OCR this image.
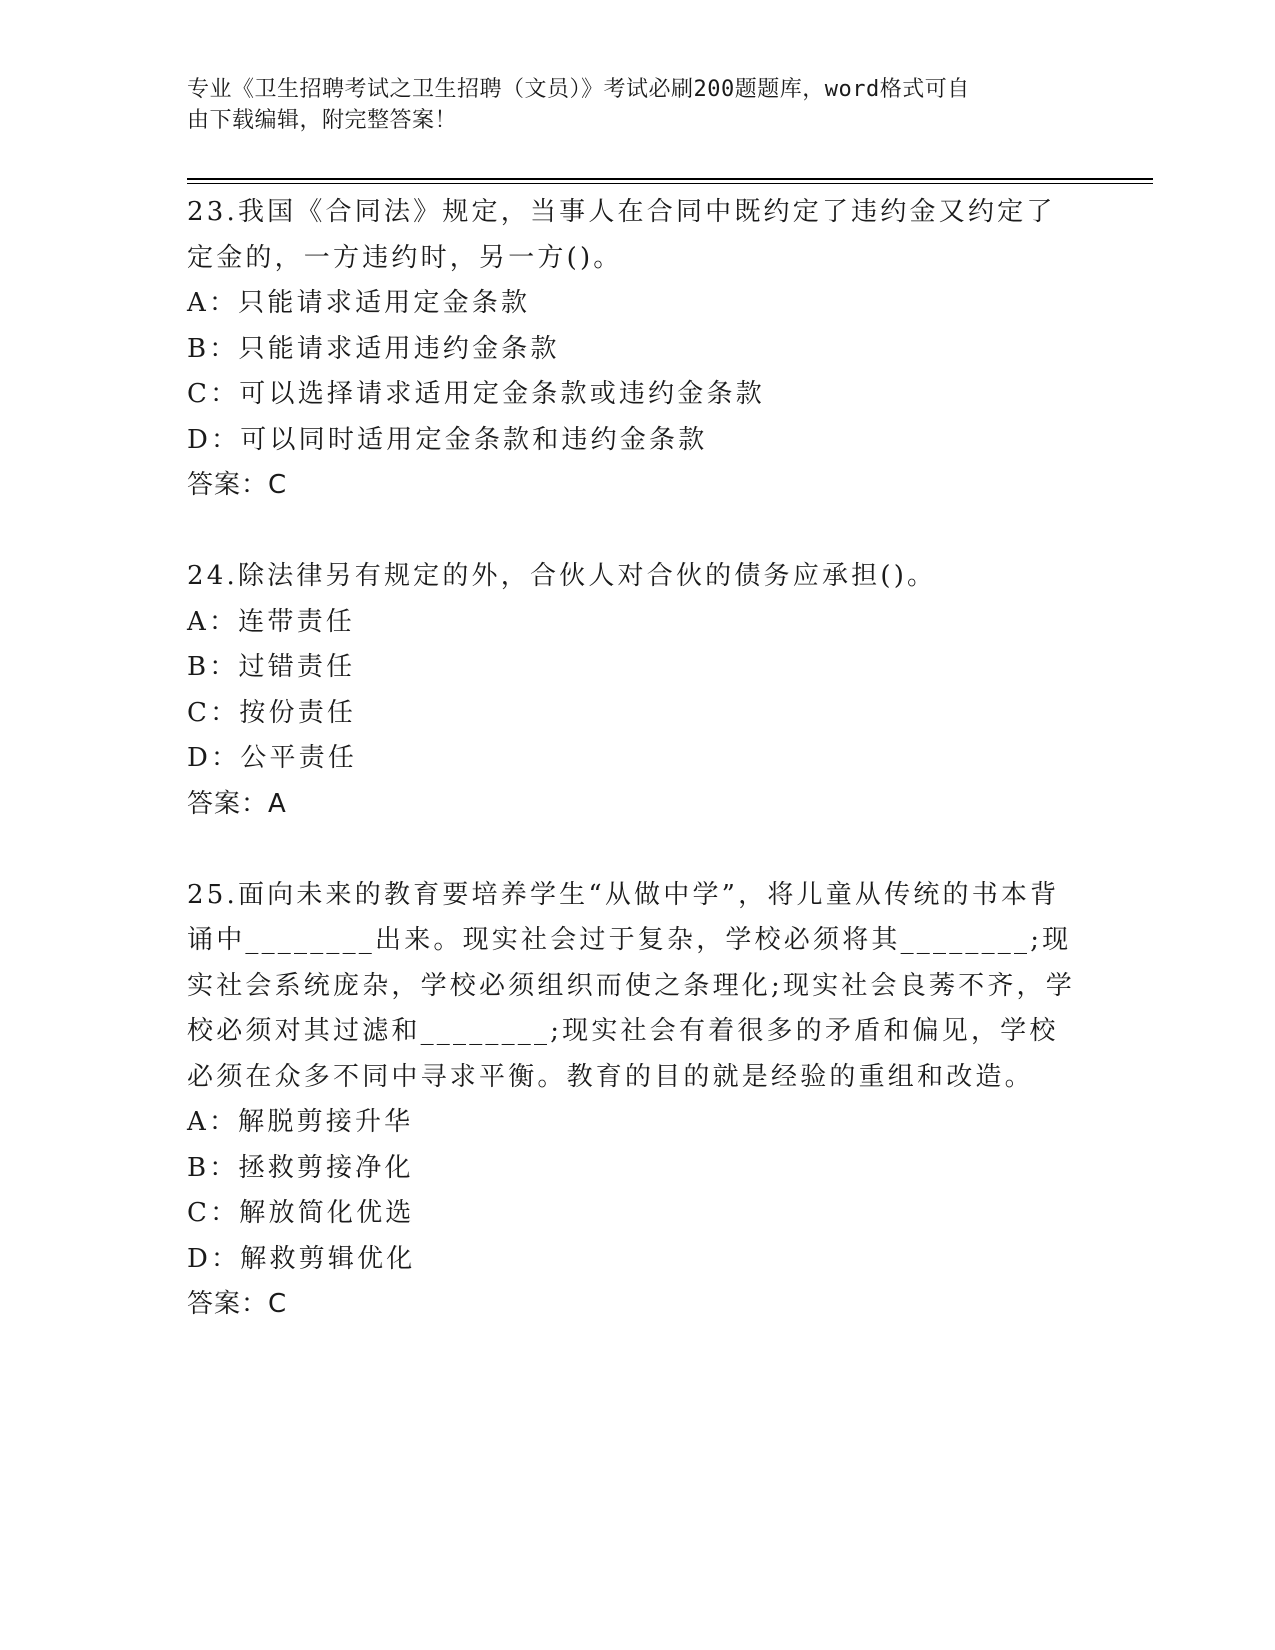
专业《卫生招聘考试之卫生招聘（文员）》考试必刷200题题库，word格式可自
由下载编辑，附完整答案！

23.我国《合同法》规定，当事人在合同中既约定了违约金又约定了定金的，一方违约时，另一方()。

A：只能请求适用定金条款

B：只能请求适用违约金条款

C：可以选择请求适用定金条款或违约金条款

D：可以同时适用定金条款和违约金条款

答案：C

24.除法律另有规定的外，合伙人对合伙的债务应承担()。

A：连带责任

B：过错责任

C：按份责任

D：公平责任

答案：A

25.面向未来的教育要培养学生“从做中学”，将儿童从传统的书本背诵中________出来。现实社会过于复杂，学校必须将其________;现实社会系统庞杂，学校必须组织而使之条理化;现实社会良莠不齐，学校必须对其过滤和________;现实社会有着很多的矛盾和偏见，学校必须在众多不同中寻求平衡。教育的目的就是经验的重组和改造。

A：解脱剪接升华

B：拯救剪接净化

C：解放简化优选

D：解救剪辑优化

答案：C
